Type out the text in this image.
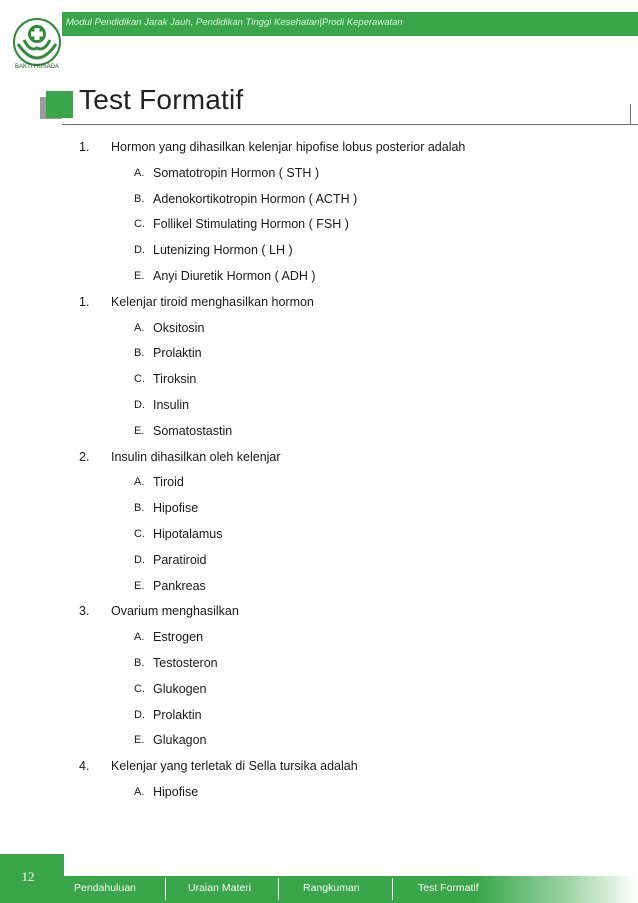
Modul Pendidikan Jarak Jauh, Pendidikan Tinggi Kesehatan|Prodi Keperawatan
BAKTI HUSADA
Test Formatif
1. Hormon yang dihasilkan kelenjar hipofise lobus posterior adalah
A. Somatotropin Hormon ( STH )
B. Adenokortikotropin Hormon ( ACTH )
C. Follikel Stimulating Hormon ( FSH )
D. Lutenizing Hormon ( LH )
E. Anyi Diuretik Hormon ( ADH )
1. Kelenjar tiroid menghasilkan hormon
A. Oksitosin
B. Prolaktin
C. Tiroksin
D. Insulin
E. Somatostastin
2. Insulin dihasilkan oleh kelenjar
A. Tiroid
B. Hipofise
C. Hipotalamus
D. Paratiroid
E. Pankreas
3. Ovarium menghasilkan
A. Estrogen
B. Testosteron
C. Glukogen
D. Prolaktin
E. Glukagon
4. Kelenjar yang terletak di Sella tursika adalah
A. Hipofise
12
Pendahuluan	Uraian Materi	Rangkuman	Test Formatif
